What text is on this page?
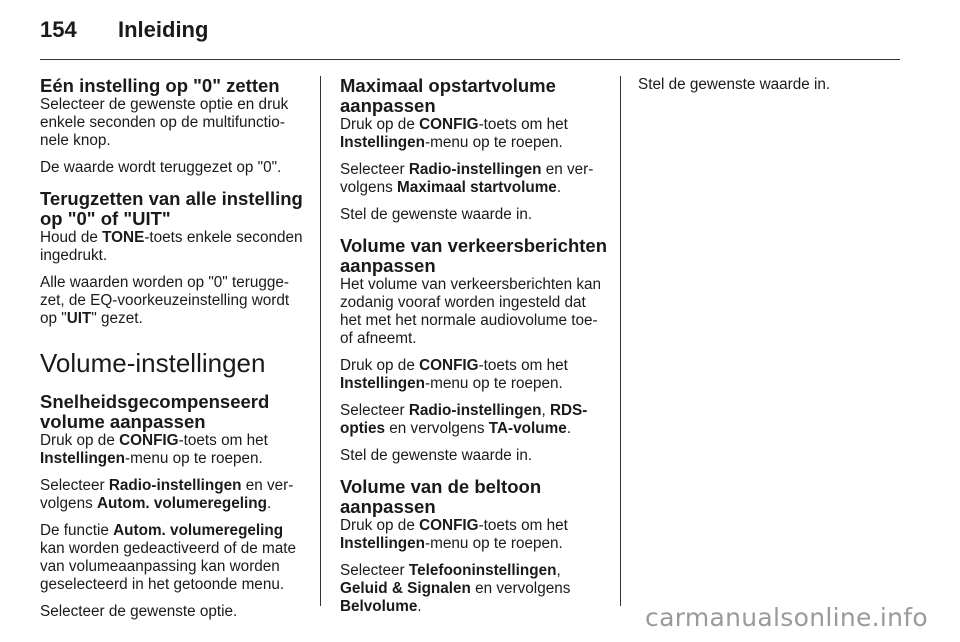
154 Inleiding
Eén instelling op "0" zetten

Selecteer de gewenste optie en druk enkele seconden op de multifunctionele knop.

De waarde wordt teruggezet op "0".

Terugzetten van alle instelling op "0" of "UIT"

Houd de TONE-toets enkele seconden ingedrukt.

Alle waarden worden op "0" teruggezet, de EQ-voorkeuzeinstelling wordt op "UIT" gezet.

Volume-instellingen
Snelheidsgecompenseerd volume aanpassen

Druk op de CONFIG-toets om het Instellingen-menu op te roepen.

Selecteer Radio-instellingen en vervolgens Autom. volumeregeling.

De functie Autom. volumeregeling kan worden gedeactiveerd of de mate van volumeaanpassing kan worden geselecteerd in het getoonde menu.

Selecteer de gewenste optie.

Maximaal opstartvolume aanpassen

Druk op de CONFIG-toets om het Instellingen-menu op te roepen.

Selecteer Radio-instellingen en vervolgens Maximaal startvolume.

Stel de gewenste waarde in.

Volume van verkeersberichten aanpassen

Het volume van verkeersberichten kan zodanig vooraf worden ingesteld dat het met het normale audiovolume toe- of afneemt.

Druk op de CONFIG-toets om het Instellingen-menu op te roepen.

Selecteer Radio-instellingen, RDS-opties en vervolgens TA-volume.

Stel de gewenste waarde in.

Volume van de beltoon aanpassen

Druk op de CONFIG-toets om het Instellingen-menu op te roepen.

Selecteer Telefooninstellingen, Geluid & Signalen en vervolgens Belvolume.

Stel de gewenste waarde in.

carmanualsonline.info
